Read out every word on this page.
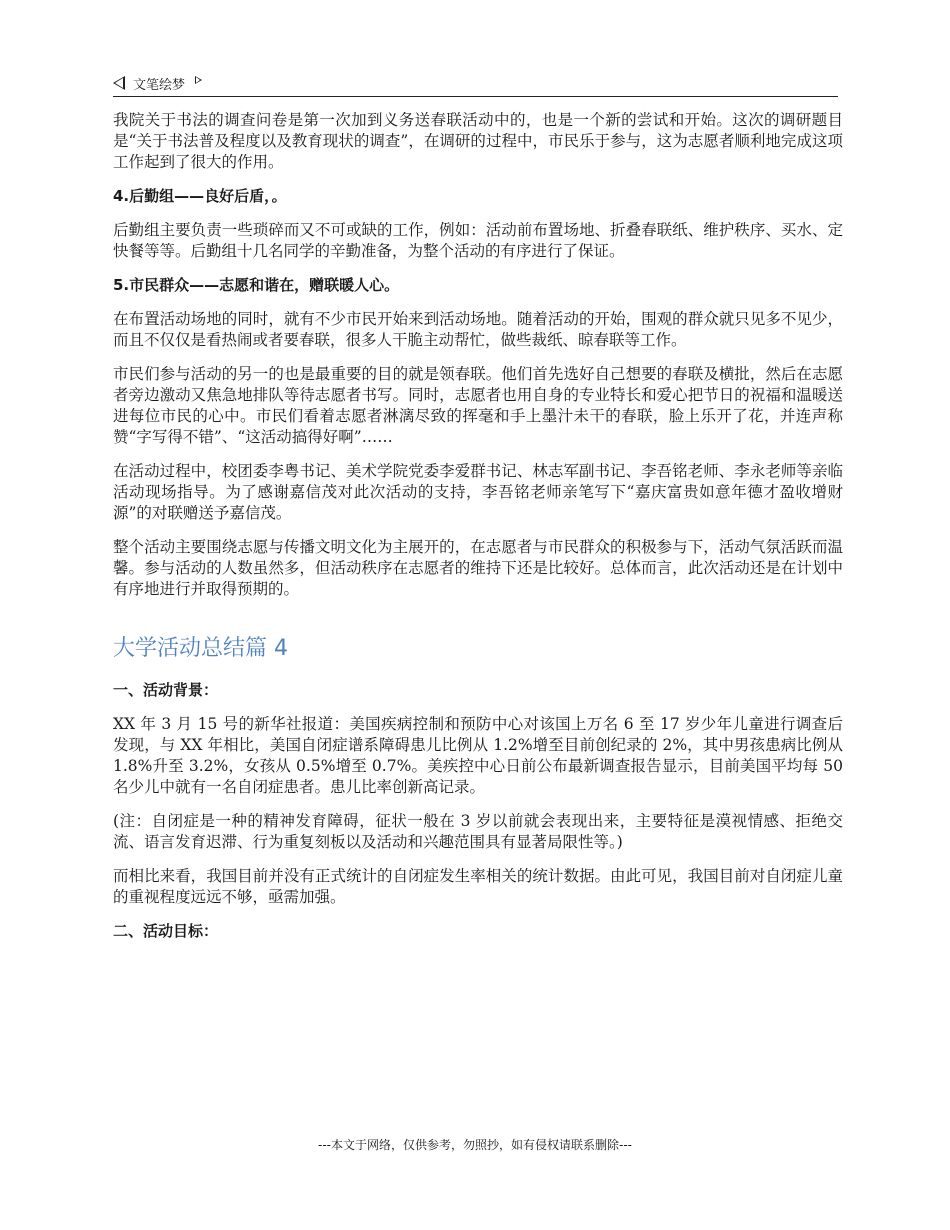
文笔绘梦

我院关于书法的调查问卷是第一次加到义务送春联活动中的，也是一个新的尝试和开始。这次的调研题目是“关于书法普及程度以及教育现状的调查”，在调研的过程中，市民乐于参与，这为志愿者顺利地完成这项工作起到了很大的作用。

4.后勤组——良好后盾，。

后勤组主要负责一些琐碎而又不可或缺的工作，例如：活动前布置场地、折叠春联纸、维护秩序、买水、定快餐等等。后勤组十几名同学的辛勤准备，为整个活动的有序进行了保证。

5.市民群众——志愿和谐在，赠联暖人心。

在布置活动场地的同时，就有不少市民开始来到活动场地。随着活动的开始，围观的群众就只见多不见少，而且不仅仅是看热闹或者要春联，很多人干脆主动帮忙，做些裁纸、晾春联等工作。

市民们参与活动的另一的也是最重要的目的就是领春联。他们首先选好自己想要的春联及横批，然后在志愿者旁边激动又焦急地排队等待志愿者书写。同时，志愿者也用自身的专业特长和爱心把节日的祝福和温暖送进每位市民的心中。市民们看着志愿者淋漓尽致的挥毫和手上墨汁未干的春联，脸上乐开了花，并连声称赞“字写得不错”、“这活动搞得好啊”……

在活动过程中，校团委李粤书记、美术学院党委李爱群书记、林志军副书记、李吾铭老师、李永老师等亲临活动现场指导。为了感谢嘉信茂对此次活动的支持，李吾铭老师亲笔写下“嘉庆富贵如意年德才盈收增财源”的对联赠送予嘉信茂。

整个活动主要围绕志愿与传播文明文化为主展开的，在志愿者与市民群众的积极参与下，活动气氛活跃而温馨。参与活动的人数虽然多，但活动秩序在志愿者的维持下还是比较好。总体而言，此次活动还是在计划中有序地进行并取得预期的。

大学活动总结篇 4
一、活动背景：

XX 年 3 月 15 号的新华社报道：美国疾病控制和预防中心对该国上万名 6 至 17 岁少年儿童进行调查后发现，与 XX 年相比，美国自闭症谱系障碍患儿比例从 1.2%增至目前创纪录的 2%，其中男孩患病比例从 1.8%升至 3.2%，女孩从 0.5%增至 0.7%。美疾控中心日前公布最新调查报告显示，目前美国平均每 50 名少儿中就有一名自闭症患者。患儿比率创新高记录。

(注：自闭症是一种的精神发育障碍，征状一般在 3 岁以前就会表现出来，主要特征是漠视情感、拒绝交流、语言发育迟滞、行为重复刻板以及活动和兴趣范围具有显著局限性等。)

而相比来看，我国目前并没有正式统计的自闭症发生率相关的统计数据。由此可见，我国目前对自闭症儿童的重视程度远远不够，亟需加强。

二、活动目标：
---本文于网络，仅供参考，勿照抄，如有侵权请联系删除---
